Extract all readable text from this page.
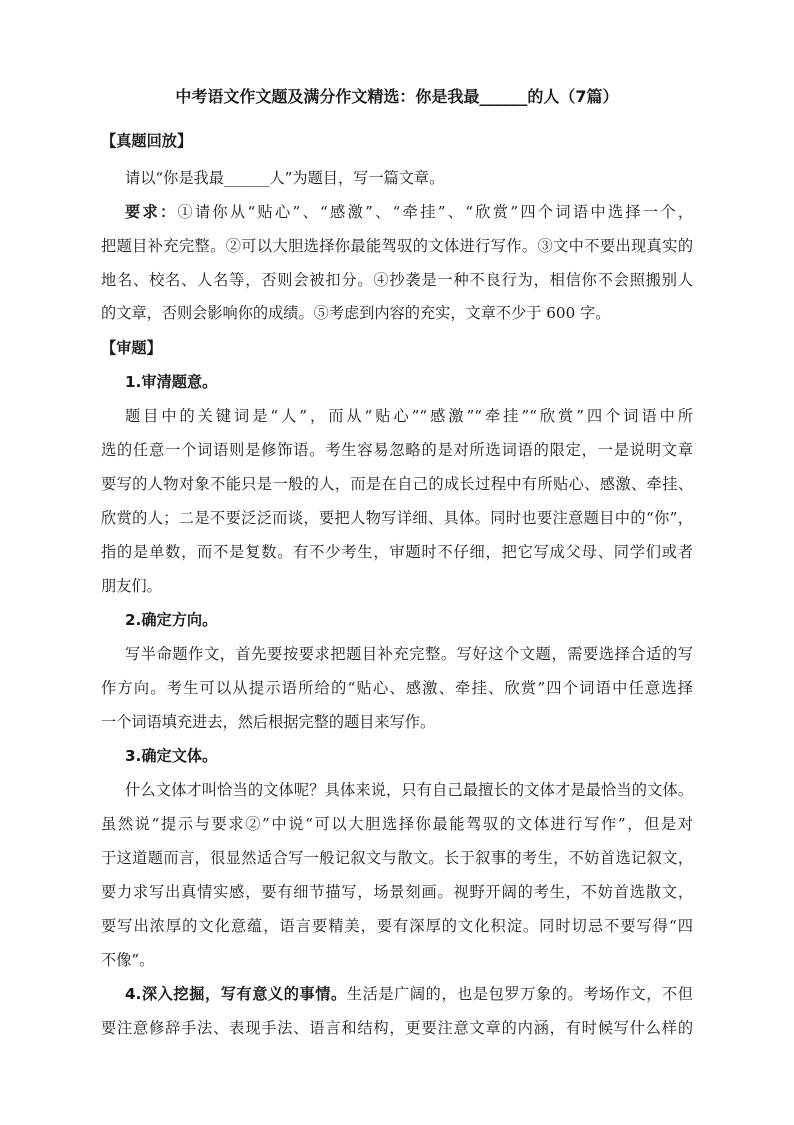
中考语文作文题及满分作文精选：你是我最______的人（7篇）
【真题回放】
请以“你是我最______人”为题目，写一篇文章。
要求：①请你从“贴心”、“感激”、“牵挂”、“欣赏”四个词语中选择一个，
把题目补充完整。②可以大胆选择你最能驾驭的文体进行写作。③文中不要出现真实的
地名、校名、人名等，否则会被扣分。④抄袭是一种不良行为，相信你不会照搬别人
的文章，否则会影响你的成绩。⑤考虑到内容的充实，文章不少于 600 字。
【审题】
1.审清题意。
题目中的关键词是“人”，而从“贴心”“感激”“牵挂”“欣赏”四个词语中所
选的任意一个词语则是修饰语。考生容易忽略的是对所选词语的限定，一是说明文章
要写的人物对象不能只是一般的人，而是在自己的成长过程中有所贴心、感激、牵挂、
欣赏的人；二是不要泛泛而谈，要把人物写详细、具体。同时也要注意题目中的“你”，
指的是单数，而不是复数。有不少考生，审题时不仔细，把它写成父母、同学们或者
朋友们。
2.确定方向。
写半命题作文，首先要按要求把题目补充完整。写好这个文题，需要选择合适的写
作方向。考生可以从提示语所给的“贴心、感激、牵挂、欣赏”四个词语中任意选择
一个词语填充进去，然后根据完整的题目来写作。
3.确定文体。
什么文体才叫恰当的文体呢？具体来说，只有自己最擅长的文体才是最恰当的文体。
虽然说“提示与要求②”中说“可以大胆选择你最能驾驭的文体进行写作”，但是对
于这道题而言，很显然适合写一般记叙文与散文。长于叙事的考生，不妨首选记叙文，
要力求写出真情实感，要有细节描写，场景刻画。视野开阔的考生，不妨首选散文，
要写出浓厚的文化意蕴，语言要精美，要有深厚的文化积淀。同时切忌不要写得“四
不像”。
4.深入挖掘，写有意义的事情。生活是广阔的，也是包罗万象的。考场作文，不但
要注意修辞手法、表现手法、语言和结构，更要注意文章的内涵，有时候写什么样的
